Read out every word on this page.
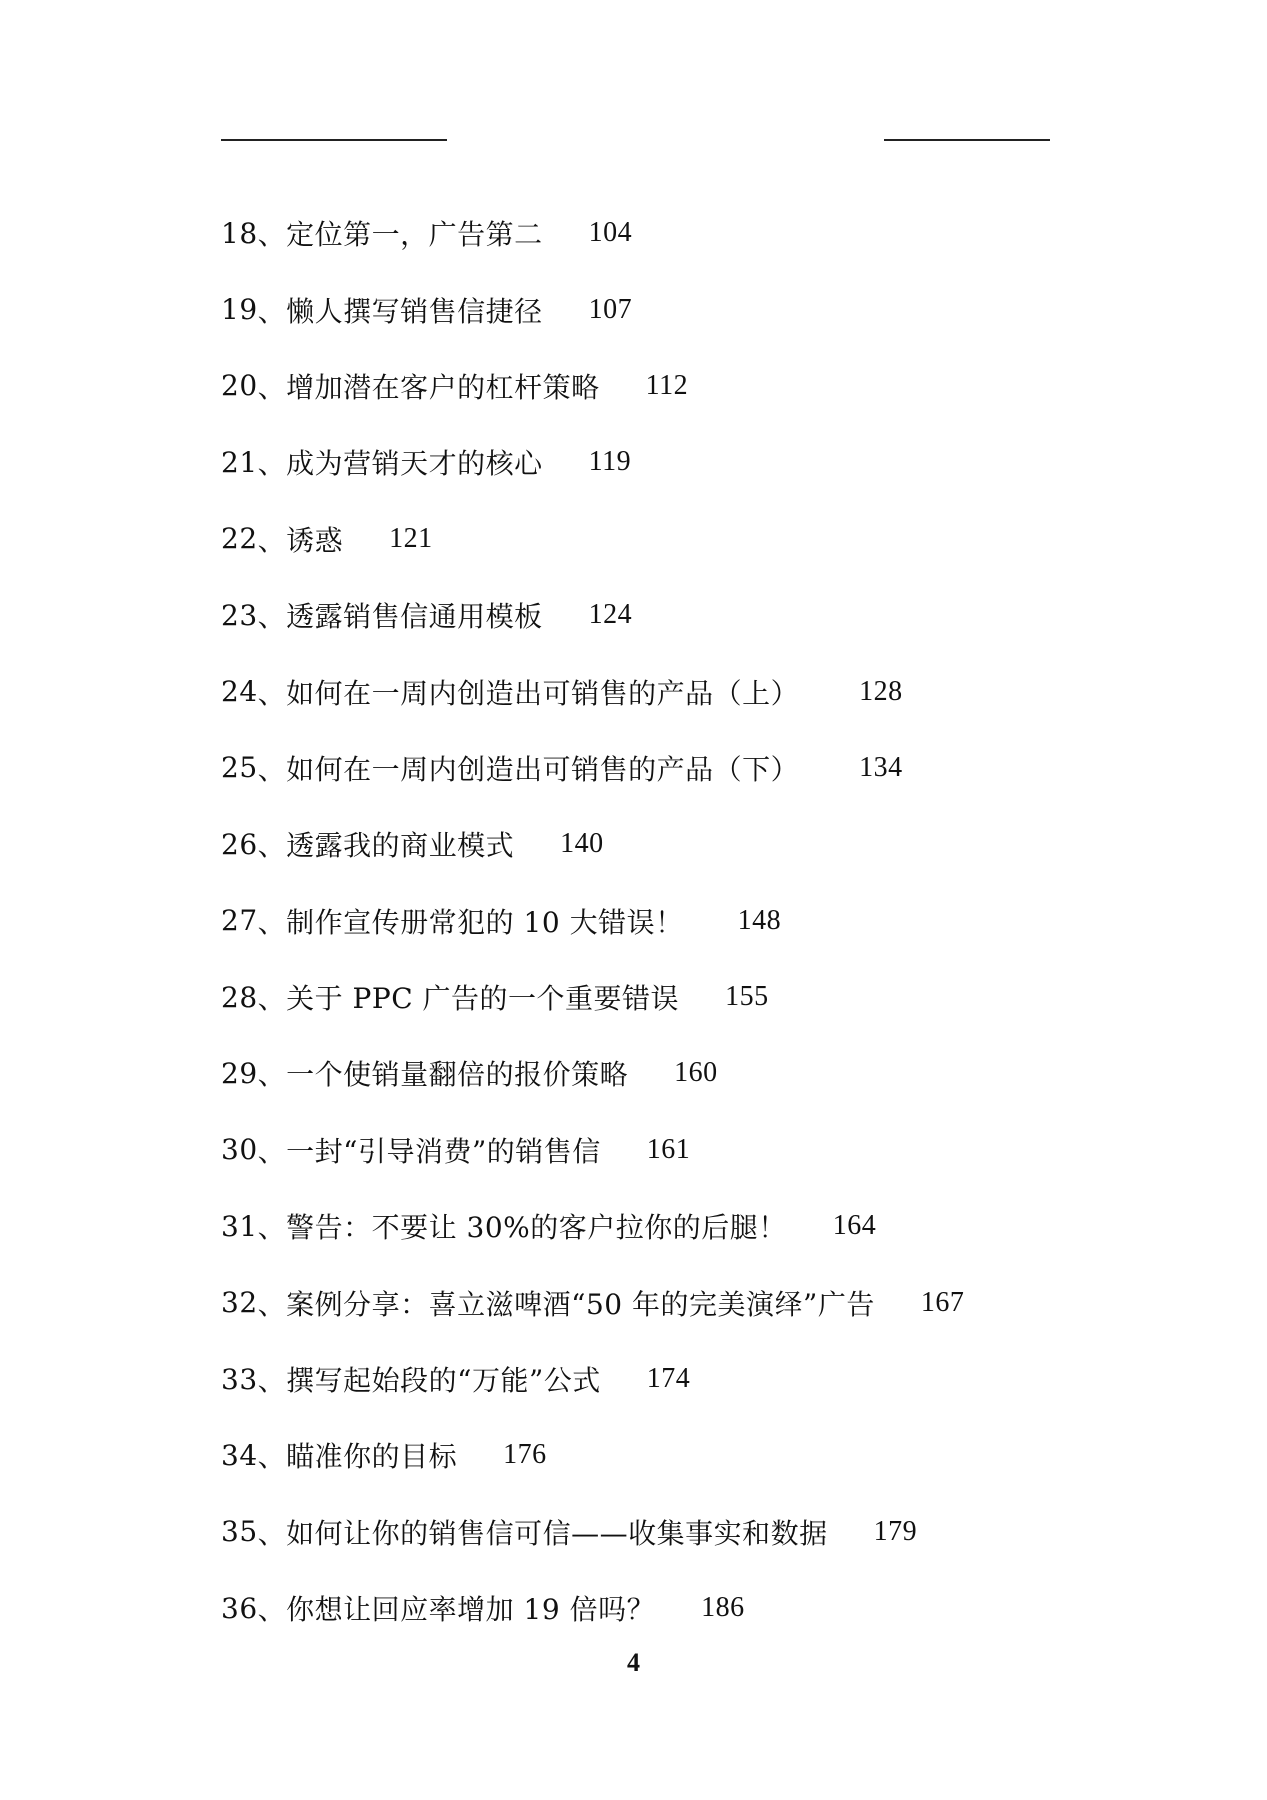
18 、 定位第一，广告第二 104
19 、 懒人撰写销售信捷径 107
20 、 增加潜在客户的杠杆策略 112
21 、 成为营销天才的核心 119
22 、 诱惑 121
23 、 透露销售信通用模板 124
24 、 如何在一周内创造出可销售的产品（上） 128
25 、 如何在一周内创造出可销售的产品（下） 134
26 、 透露我的商业模式 140
27 、 制作宣传册常犯的 10 大错误！ 148
28 、 关于 PPC 广告的一个重要错误 155
29 、 一个使销量翻倍的报价策略 160
30 、 一封“引导消费”的销售信 161
31 、 警告：不要让 30%的客户拉你的后腿！ 164
32 、 案例分享：喜立滋啤酒“50 年的完美演绎”广告 167
33 、 撰写起始段的“万能”公式 174
34 、 瞄准你的目标 176
35 、 如何让你的销售信可信——收集事实和数据 179
36 、 你想让回应率增加 19 倍吗？ 186
4
